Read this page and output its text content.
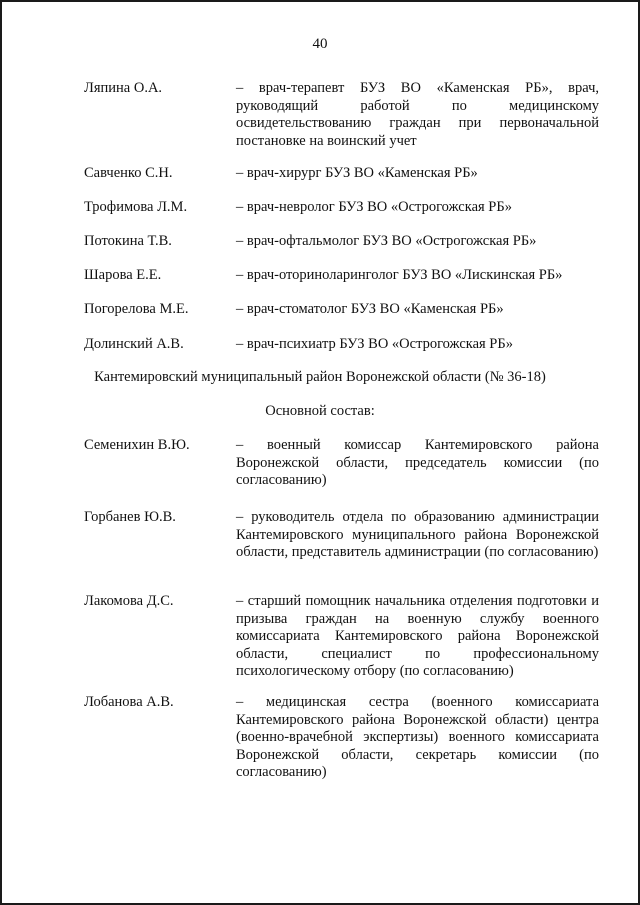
40
Ляпина О.А.	– врач-терапевт БУЗ ВО «Каменская РБ», врач, руководящий работой по медицинскому освидетельствованию граждан при первоначальной постановке на воинский учет
Савченко С.Н.	– врач-хирург БУЗ ВО «Каменская РБ»
Трофимова Л.М.	– врач-невролог БУЗ ВО «Острогожская РБ»
Потокина Т.В.	– врач-офтальмолог БУЗ ВО «Острогожская РБ»
Шарова Е.Е.	– врач-оториноларинголог БУЗ ВО «Лискинская РБ»
Погорелова М.Е.	– врач-стоматолог БУЗ ВО «Каменская РБ»
Долинский А.В.	– врач-психиатр БУЗ ВО «Острогожская РБ»
Кантемировский муниципальный район Воронежской области (№ 36-18)
Основной состав:
Семенихин В.Ю.	– военный комиссар Кантемировского района Воронежской области, председатель комиссии (по согласованию)
Горбанев Ю.В.	– руководитель отдела по образованию администрации Кантемировского муниципального района Воронежской области, представитель администрации (по согласованию)
Лакомова Д.С.	– старший помощник начальника отделения подготовки и призыва граждан на военную службу военного комиссариата Кантемировского района Воронежской области, специалист по профессиональному психологическому отбору (по согласованию)
Лобанова А.В.	– медицинская сестра (военного комиссариата Кантемировского района Воронежской области) центра (военно-врачебной экспертизы) военного комиссариата Воронежской области, секретарь комиссии (по согласованию)
